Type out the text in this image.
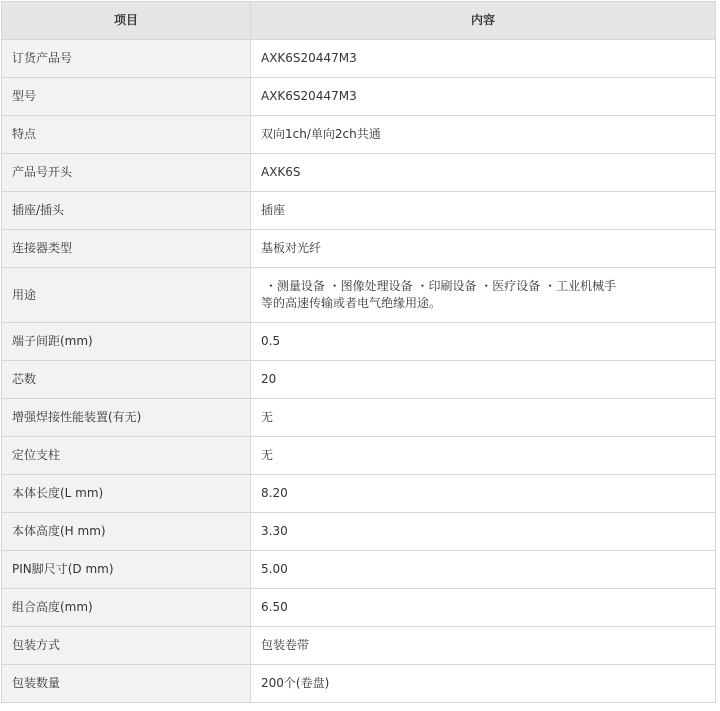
项目	内容
订货产品号	AXK6S20447M3
型号	AXK6S20447M3
特点	双向1ch/单向2ch共通
产品号开头	AXK6S
插座/插头	插座
连接器类型	基板对光纤
用途	・测量设备 ・图像处理设备 ・印刷设备 ・医疗设备 ・工业机械手
等的高速传输或者电气绝缘用途。

端子间距(mm)	0.5
芯数	20
增强焊接性能装置(有无)	无
定位支柱	无
本体长度(L mm)	8.20
本体高度(H mm)	3.30
PIN脚尺寸(D mm)	5.00
组合高度(mm)	6.50
包装方式	包装卷带
包装数量	200个(卷盘)
